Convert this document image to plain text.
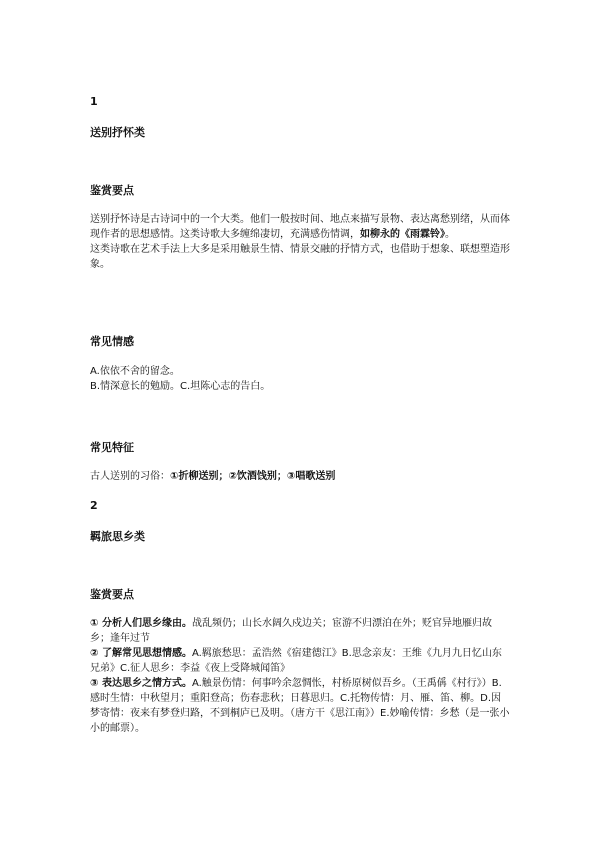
1
送别抒怀类
鉴赏要点

送别抒怀诗是古诗词中的一个大类。他们一般按时间、地点来描写景物、表达离愁别绪，从而体现作者的思想感情。这类诗歌大多缠绵凄切，充满感伤情调，如柳永的《雨霖铃》。

这类诗歌在艺术手法上大多是采用触景生情、情景交融的抒情方式，也借助于想象、联想塑造形象。

常见情感

A.依依不舍的留念。

B.情深意长的勉励。C.坦陈心志的告白。

常见特征

古人送别的习俗：①折柳送别；②饮酒饯别；③唱歌送别

2
羁旅思乡类
鉴赏要点

① 分析人们思乡缘由。战乱频仍；山长水阔久戍边关；宦游不归漂泊在外；贬官异地雁归故乡；逢年过节

② 了解常见思想情感。A.羁旅愁思：孟浩然《宿建德江》B.思念亲友：王维《九月九日忆山东兄弟》C.征人思乡：李益《夜上受降城闻笛》

③ 表达思乡之情方式。A.触景伤情：何事吟余忽惆怅，村桥原树似吾乡。（王禹偁《村行》）B.感时生情：中秋望月；重阳登高；伤春悲秋；日暮思归。C.托物传情：月、雁、笛、柳。D.因梦寄情：夜来有梦登归路，不到桐庐已及明。（唐方干《思江南》）E.妙喻传情：乡愁（是一张小小的邮票）。
